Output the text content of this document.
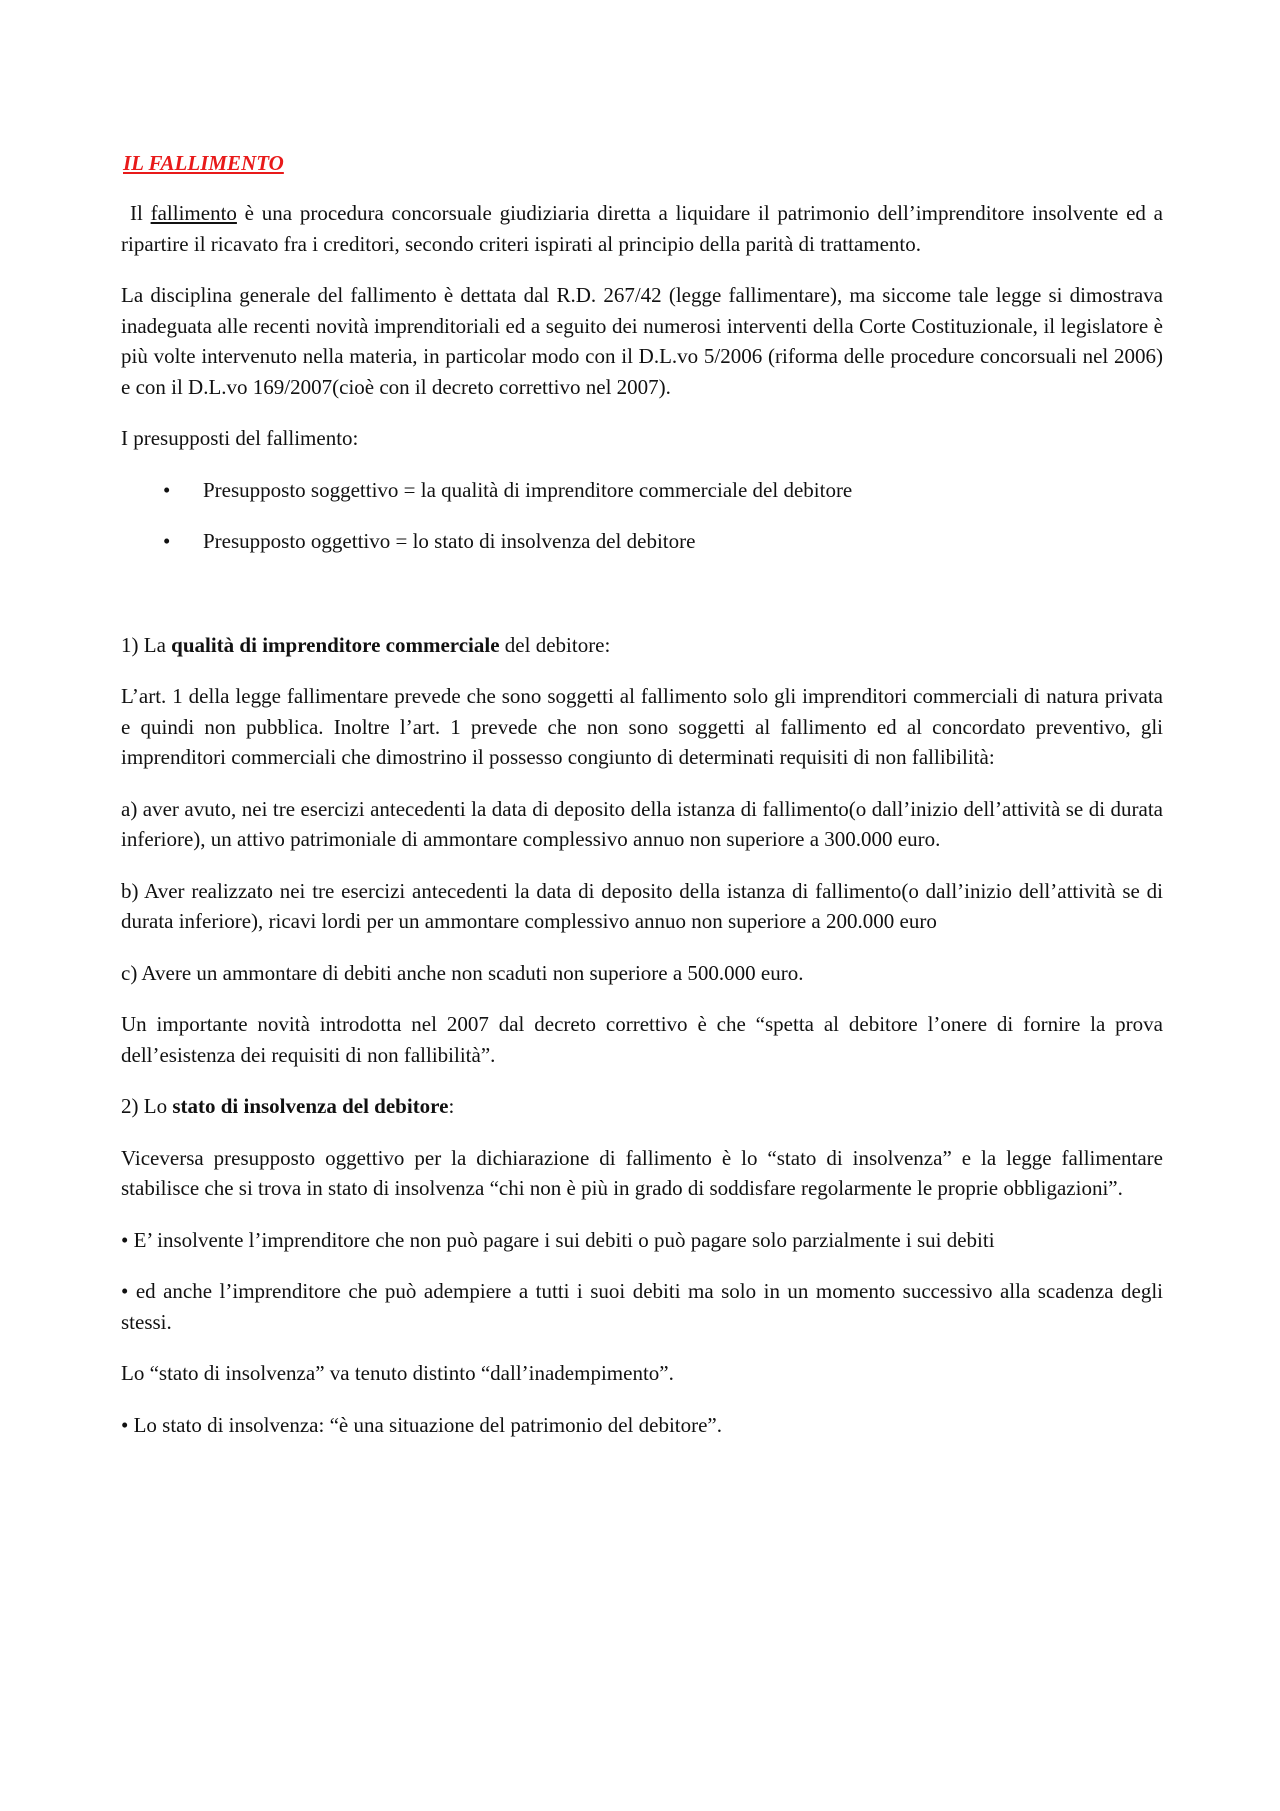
IL FALLIMENTO

Il fallimento è una procedura concorsuale giudiziaria diretta a liquidare il patrimonio dell’imprenditore insolvente ed a ripartire il ricavato fra i creditori, secondo criteri ispirati al principio della parità di trattamento.

La disciplina generale del fallimento è dettata dal R.D. 267/42 (legge fallimentare), ma siccome tale legge si dimostrava inadeguata alle recenti novità imprenditoriali ed a seguito dei numerosi interventi della Corte Costituzionale, il legislatore è più volte intervenuto nella materia, in particolar modo con il D.L.vo 5/2006 (riforma delle procedure concorsuali nel 2006) e con il D.L.vo 169/2007(cioè con il decreto correttivo nel 2007).

I presupposti del fallimento:

• Presupposto soggettivo = la qualità di imprenditore commerciale del debitore
• Presupposto oggettivo = lo stato di insolvenza del debitore

1) La qualità di imprenditore commerciale del debitore:

L’art. 1 della legge fallimentare prevede che sono soggetti al fallimento solo gli imprenditori commerciali di natura privata e quindi non pubblica. Inoltre l’art. 1 prevede che non sono soggetti al fallimento ed al concordato preventivo, gli imprenditori commerciali che dimostrino il possesso congiunto di determinati requisiti di non fallibilità:

a) aver avuto, nei tre esercizi antecedenti la data di deposito della istanza di fallimento(o dall’inizio dell’attività se di durata inferiore), un attivo patrimoniale di ammontare complessivo annuo non superiore a 300.000 euro.

b) Aver realizzato nei tre esercizi antecedenti la data di deposito della istanza di fallimento(o dall’inizio dell’attività se di durata inferiore), ricavi lordi per un ammontare complessivo annuo non superiore a 200.000 euro

c) Avere un ammontare di debiti anche non scaduti non superiore a 500.000 euro.

Un importante novità introdotta nel 2007 dal decreto correttivo è che “spetta al debitore l’onere di fornire la prova dell’esistenza dei requisiti di non fallibilità”.

2) Lo stato di insolvenza del debitore:

Viceversa presupposto oggettivo per la dichiarazione di fallimento è lo “stato di insolvenza” e la legge fallimentare stabilisce che si trova in stato di insolvenza “chi non è più in grado di soddisfare regolarmente le proprie obbligazioni”.

• E’ insolvente l’imprenditore che non può pagare i sui debiti o può pagare solo parzialmente i sui debiti

• ed anche l’imprenditore che può adempiere a tutti i suoi debiti ma solo in un momento successivo alla scadenza degli stessi.

Lo “stato di insolvenza” va tenuto distinto “dall’inadempimento”.

• Lo stato di insolvenza: “è una situazione del patrimonio del debitore”.
